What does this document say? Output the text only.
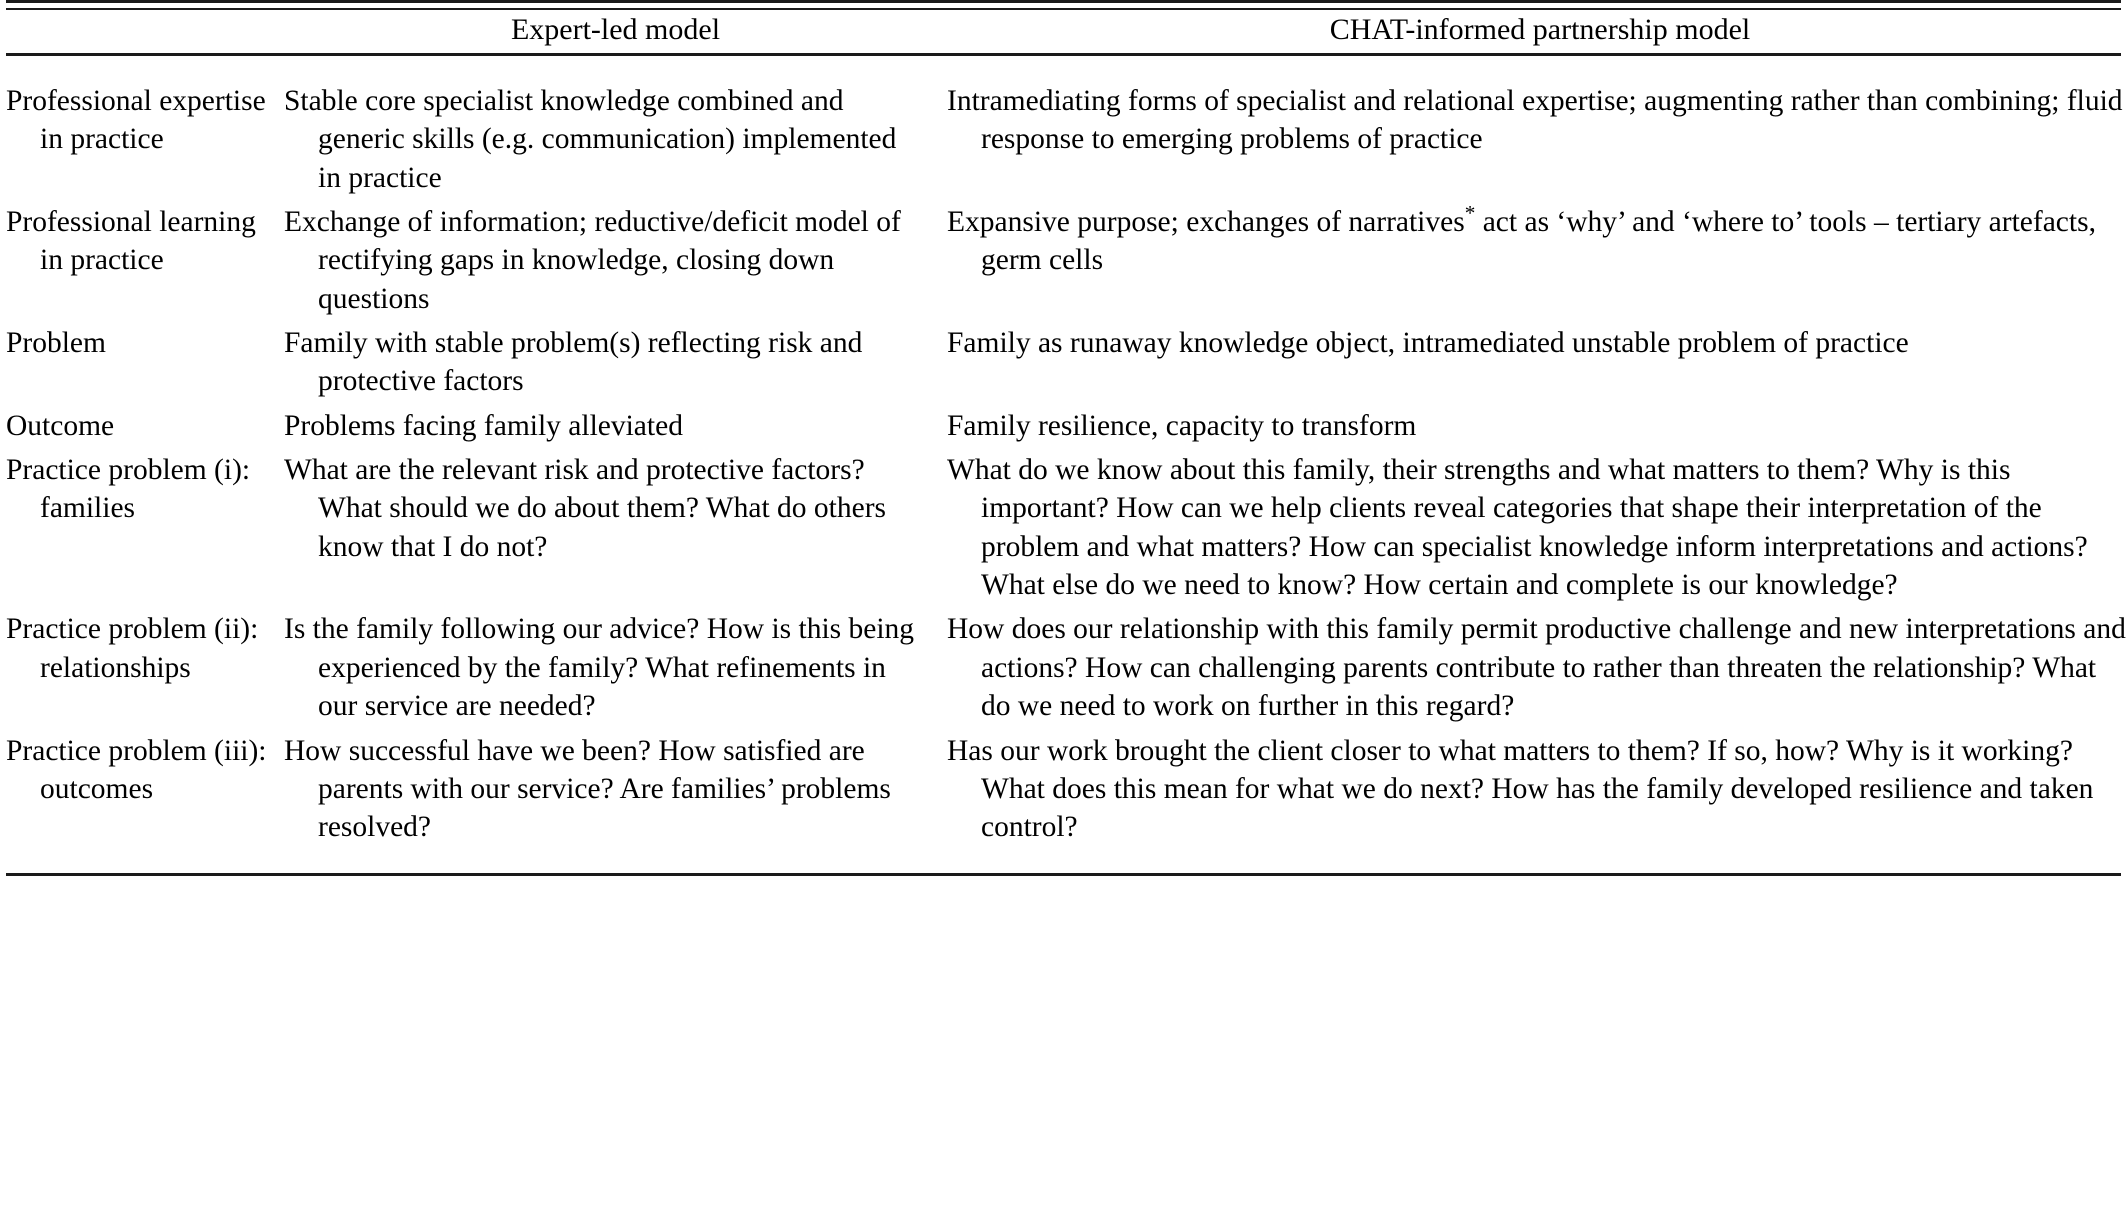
	Expert-led model	CHAT-informed partnership model

Professional expertise in practice	Stable core specialist knowledge combined and generic skills (e.g. communication) implemented in practice	Intramediating forms of specialist and relational expertise; augmenting rather than combining; fluid response to emerging problems of practice

Professional learning in practice	Exchange of information; reductive/deficit model of rectifying gaps in knowledge, closing down questions	Expansive purpose; exchanges of narratives* act as ‘why’ and ‘where to’ tools – tertiary artefacts, germ cells

Problem	Family with stable problem(s) reflecting risk and protective factors	Family as runaway knowledge object, intramediated unstable problem of practice

Outcome	Problems facing family alleviated	Family resilience, capacity to transform

Practice problem (i): families	What are the relevant risk and protective factors? What should we do about them? What do others know that I do not?	What do we know about this family, their strengths and what matters to them? Why is this important? How can we help clients reveal categories that shape their interpretation of the problem and what matters? How can specialist knowledge inform interpretations and actions? What else do we need to know? How certain and complete is our knowledge?

Practice problem (ii): relationships	Is the family following our advice? How is this being experienced by the family? What refinements in our service are needed?	How does our relationship with this family permit productive challenge and new interpretations and actions? How can challenging parents contribute to rather than threaten the relationship? What do we need to work on further in this regard?

Practice problem (iii): outcomes	How successful have we been? How satisfied are parents with our service? Are families’ problems resolved?	Has our work brought the client closer to what matters to them? If so, how? Why is it working? What does this mean for what we do next? How has the family developed resilience and taken control?
